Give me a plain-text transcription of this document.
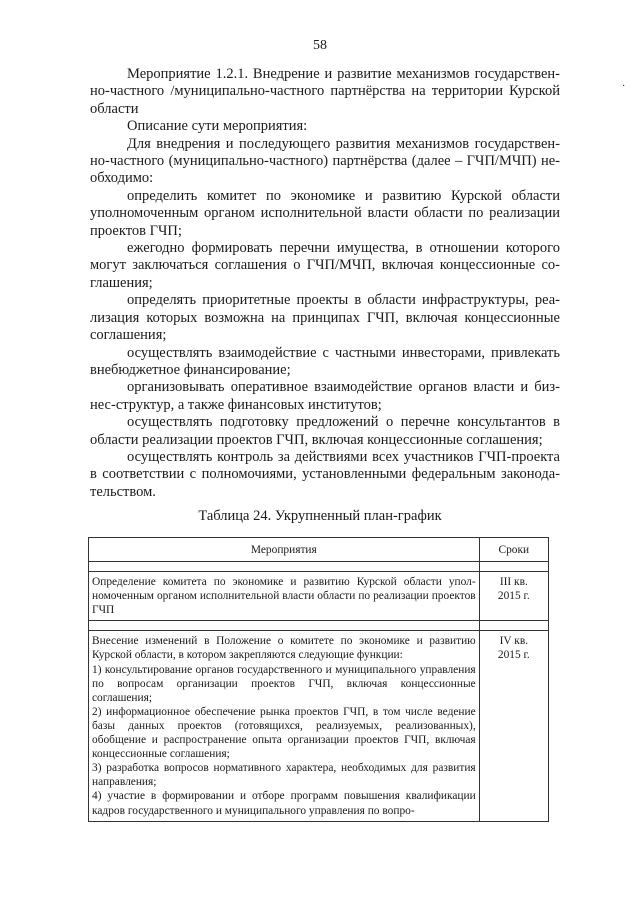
58
·

Мероприятие 1.2.1. Внедрение и развитие механизмов государственно-частного /муниципально-частного партнёрства на территории Курской области

Описание сути мероприятия:

Для внедрения и последующего развития механизмов государственно-частного (муниципально-частного) партнёрства (далее – ГЧП/МЧП) необходимо:

определить комитет по экономике и развитию Курской области уполномоченным органом исполнительной власти области по реализации проектов ГЧП;

ежегодно формировать перечни имущества, в отношении которого могут заключаться соглашения о ГЧП/МЧП, включая концессионные соглашения;

определять приоритетные проекты в области инфраструктуры, реализация которых возможна на принципах ГЧП, включая концессионные соглашения;

осуществлять взаимодействие с частными инвесторами, привлекать внебюджетное финансирование;

организовывать оперативное взаимодействие органов власти и бизнес-структур, а также финансовых институтов;

осуществлять подготовку предложений о перечне консультантов в области реализации проектов ГЧП, включая концессионные соглашения;

осуществлять контроль за действиями всех участников ГЧП-проекта в соответствии с полномочиями, установленными федеральным законодательством.

Таблица 24. Укрупненный план-график
Мероприятия	Сроки

Определение комитета по экономике и развитию Курской области уполномоченным органом исполнительной власти области по реализации проектов ГЧП	III кв.
2015 г.

Внесение изменений в Положение о комитете по экономике и развитию Курской области, в котором закрепляются следующие функции:
1) консультирование органов государственного и муниципального управления по вопросам организации проектов ГЧП, включая концессионные соглашения;
2) информационное обеспечение рынка проектов ГЧП, в том числе ведение базы данных проектов (готовящихся, реализуемых, реализованных), обобщение и распространение опыта организации проектов ГЧП, включая концессионные соглашения;
3) разработка вопросов нормативного характера, необходимых для развития направления;
4) участие в формировании и отборе программ повышения квалификации кадров государственного и муниципального управления по вопро-	IV кв.
2015 г.
